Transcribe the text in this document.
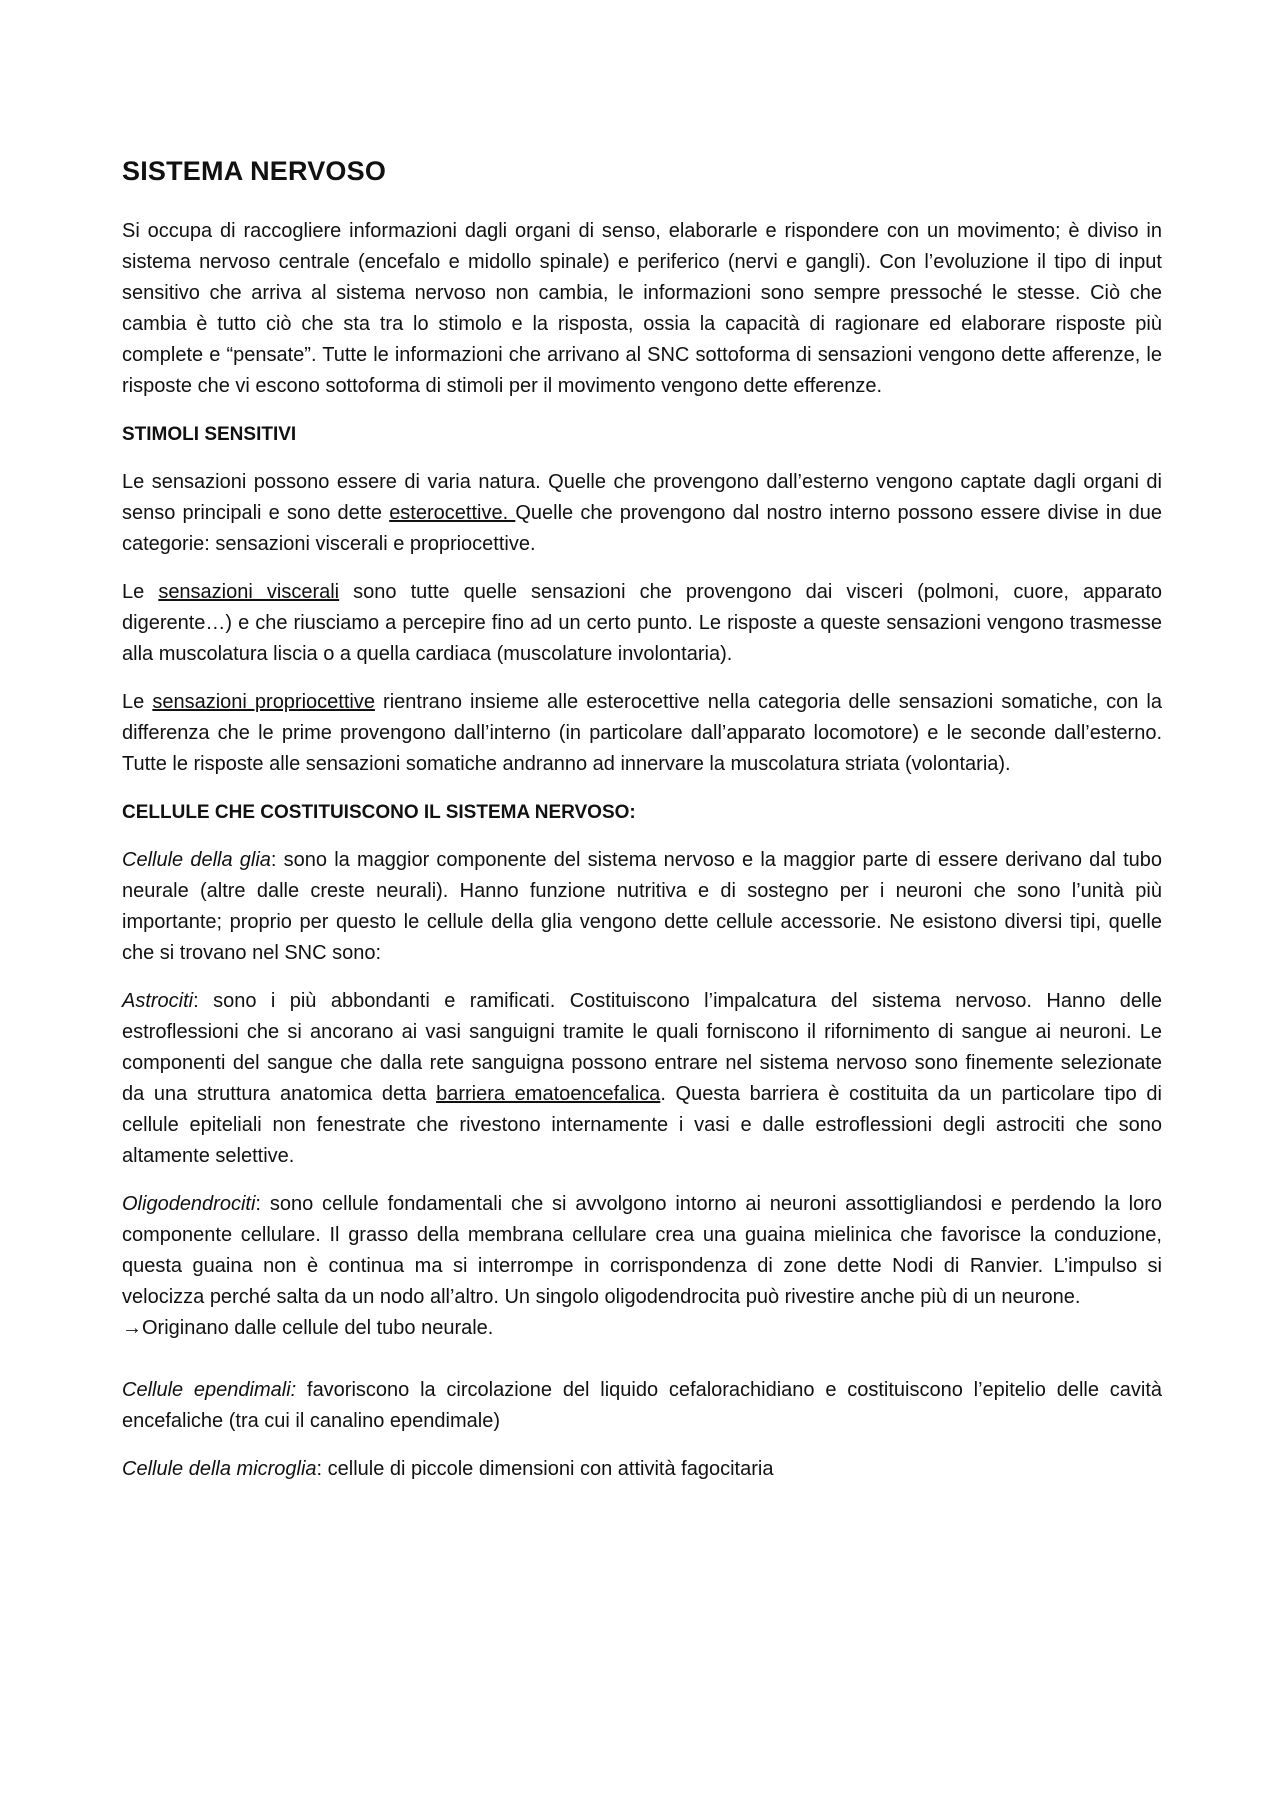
SISTEMA NERVOSO

Si occupa di raccogliere informazioni dagli organi di senso, elaborarle e rispondere con un movimento; è diviso in sistema nervoso centrale (encefalo e midollo spinale) e periferico (nervi e gangli). Con l’evoluzione il tipo di input sensitivo che arriva al sistema nervoso non cambia, le informazioni sono sempre pressoché le stesse. Ciò che cambia è tutto ciò che sta tra lo stimolo e la risposta, ossia la capacità di ragionare ed elaborare risposte più complete e “pensate”. Tutte le informazioni che arrivano al SNC sottoforma di sensazioni vengono dette afferenze, le risposte che vi escono sottoforma di stimoli per il movimento vengono dette efferenze.

STIMOLI SENSITIVI

Le sensazioni possono essere di varia natura. Quelle che provengono dall’esterno vengono captate dagli organi di senso principali e sono dette esterocettive. Quelle che provengono dal nostro interno possono essere divise in due categorie: sensazioni viscerali e propriocettive.

Le sensazioni viscerali sono tutte quelle sensazioni che provengono dai visceri (polmoni, cuore, apparato digerente…) e che riusciamo a percepire fino ad un certo punto. Le risposte a queste sensazioni vengono trasmesse alla muscolatura liscia o a quella cardiaca (muscolature involontaria).

Le sensazioni propriocettive rientrano insieme alle esterocettive nella categoria delle sensazioni somatiche, con la differenza che le prime provengono dall’interno (in particolare dall’apparato locomotore) e le seconde dall’esterno. Tutte le risposte alle sensazioni somatiche andranno ad innervare la muscolatura striata (volontaria).

CELLULE CHE COSTITUISCONO IL SISTEMA NERVOSO:

Cellule della glia: sono la maggior componente del sistema nervoso e la maggior parte di essere derivano dal tubo neurale (altre dalle creste neurali). Hanno funzione nutritiva e di sostegno per i neuroni che sono l’unità più importante; proprio per questo le cellule della glia vengono dette cellule accessorie. Ne esistono diversi tipi, quelle che si trovano nel SNC sono:

Astrociti: sono i più abbondanti e ramificati. Costituiscono l’impalcatura del sistema nervoso. Hanno delle estroflessioni che si ancorano ai vasi sanguigni tramite le quali forniscono il rifornimento di sangue ai neuroni. Le componenti del sangue che dalla rete sanguigna possono entrare nel sistema nervoso sono finemente selezionate da una struttura anatomica detta barriera ematoencefalica. Questa barriera è costituita da un particolare tipo di cellule epiteliali non fenestrate che rivestono internamente i vasi e dalle estroflessioni degli astrociti che sono altamente selettive.

Oligodendrociti: sono cellule fondamentali che si avvolgono intorno ai neuroni assottigliandosi e perdendo la loro componente cellulare. Il grasso della membrana cellulare crea una guaina mielinica che favorisce la conduzione, questa guaina non è continua ma si interrompe in corrispondenza di zone dette Nodi di Ranvier. L’impulso si velocizza perché salta da un nodo all’altro. Un singolo oligodendrocita può rivestire anche più di un neurone.

→Originano dalle cellule del tubo neurale.

Cellule ependimali: favoriscono la circolazione del liquido cefalorachidiano e costituiscono l’epitelio delle cavità encefaliche (tra cui il canalino ependimale)

Cellule della microglia: cellule di piccole dimensioni con attività fagocitaria
